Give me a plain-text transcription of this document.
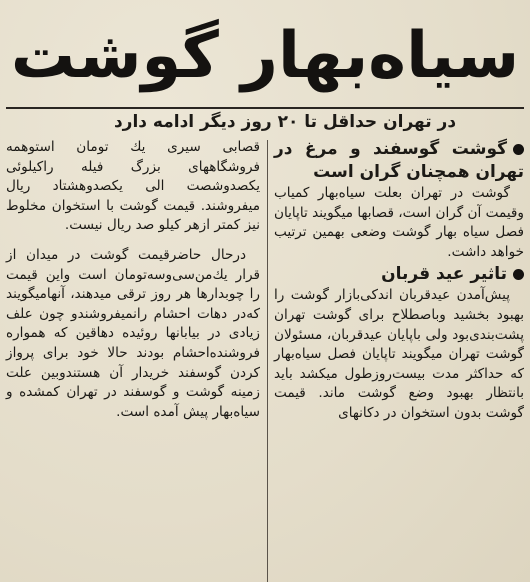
سیاه‌بهار گوشت
در تهران حداقل تا ۲۰ روز دیگر ادامه دارد

گوشت گوسفند و مرغ در تهران همچنان گران است

گوشت در تهران بعلت سیاه‌بهار کمیاب وقیمت آن گران است، قصابها میگویند تاپایان فصل سیاه بهار گوشت وضعی بهمین ترتیب خواهد داشت.

تاثیر عید قربان

پیش‌آمدن عیدقربان اندکی‌بازار گوشت را بهبود بخشید وباصطلاح برای گوشت تهران پشت‌بندی‌بود ولی باپایان عیدقربان، مسئولان گوشت تهران میگویند تاپایان فصل سیاه‌بهار که حداکثر مدت بیست‌روزطول میکشد باید بانتظار بهبود وضع گوشت ماند. قیمت گوشت بدون استخوان در دکانهای

قصابی سیری یك تومان استوهمه فروشگاههای بزرگ فیله راکیلوئی یکصدوشصت الی یکصدوهشتاد ریال میفروشند. قیمت گوشت با استخوان مخلوط نیز کمتر ازهر کیلو صد ریال نیست.

درحال حاضرقیمت گوشت در میدان از قرار یك‌من‌سی‌وسه‌تومان است واین قیمت را چوبدارها هر روز ترقی میدهند، آنهامیگویند که‌در دهات احشام رانمیفروشندو چون علف زیادی در بیابانها روئیده دهاقین که همواره فروشنده‌احشام بودند حالا خود برای پرواز کردن گوسفند خریدار آن هستندوبین علت زمینه گوشت و گوسفند در تهران کمشده و سیاه‌بهار پیش آمده است.
